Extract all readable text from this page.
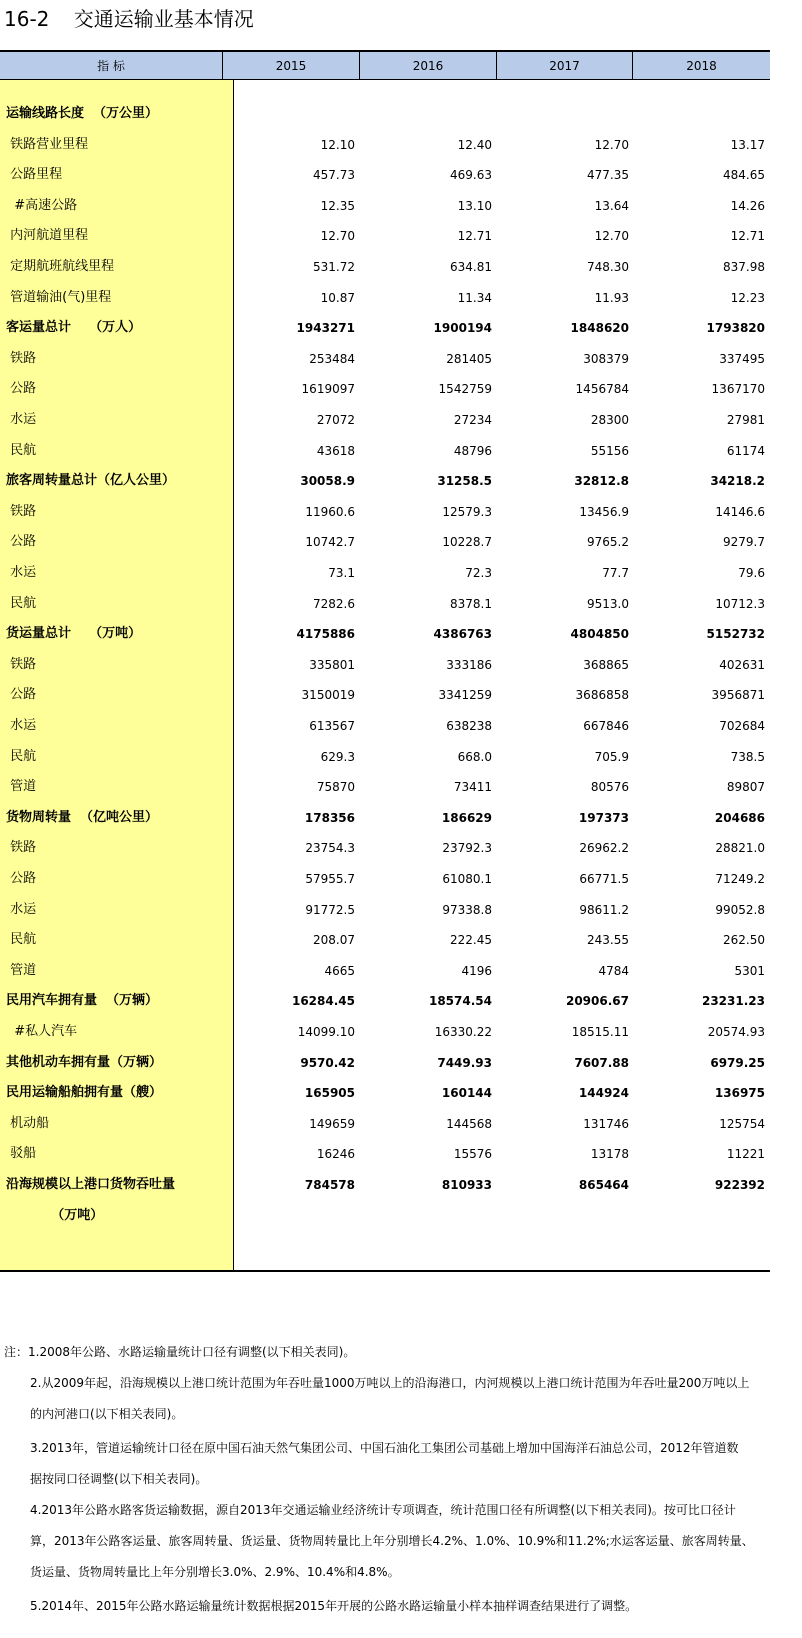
16-2 交通运输业基本情况
指 标	2015	2016	2017	2018
运输线路长度  （万公里）
铁路营业里程	12.10	12.40	12.70	13.17
公路里程	457.73	469.63	477.35	484.65
#高速公路	12.35	13.10	13.64	14.26
内河航道里程	12.70	12.71	12.70	12.71
定期航班航线里程	531.72	634.81	748.30	837.98
管道输油(气)里程	10.87	11.34	11.93	12.23
客运量总计    （万人）	1943271	1900194	1848620	1793820
铁路	253484	281405	308379	337495
公路	1619097	1542759	1456784	1367170
水运	27072	27234	28300	27981
民航	43618	48796	55156	61174
旅客周转量总计（亿人公里）	30058.9	31258.5	32812.8	34218.2
铁路	11960.6	12579.3	13456.9	14146.6
公路	10742.7	10228.7	9765.2	9279.7
水运	73.1	72.3	77.7	79.6
民航	7282.6	8378.1	9513.0	10712.3
货运量总计    （万吨）	4175886	4386763	4804850	5152732
铁路	335801	333186	368865	402631
公路	3150019	3341259	3686858	3956871
水运	613567	638238	667846	702684
民航	629.3	668.0	705.9	738.5
管道	75870	73411	80576	89807
货物周转量  （亿吨公里）	178356	186629	197373	204686
铁路	23754.3	23792.3	26962.2	28821.0
公路	57955.7	61080.1	66771.5	71249.2
水运	91772.5	97338.8	98611.2	99052.8
民航	208.07	222.45	243.55	262.50
管道	4665	4196	4784	5301
民用汽车拥有量  （万辆）	16284.45	18574.54	20906.67	23231.23
#私人汽车	14099.10	16330.22	18515.11	20574.93
其他机动车拥有量（万辆）	9570.42	7449.93	7607.88	6979.25
民用运输船舶拥有量（艘）	165905	160144	144924	136975
机动船	149659	144568	131746	125754
驳船	16246	15576	13178	11221
沿海规模以上港口货物吞吐量	784578	810933	865464	922392
（万吨）
注：1.2008年公路、水路运输量统计口径有调整(以下相关表同)。
2.从2009年起，沿海规模以上港口统计范围为年吞吐量1000万吨以上的沿海港口，内河规模以上港口统计范围为年吞吐量200万吨以上
的内河港口(以下相关表同)。
3.2013年，管道运输统计口径在原中国石油天然气集团公司、中国石油化工集团公司基础上增加中国海洋石油总公司，2012年管道数
据按同口径调整(以下相关表同)。
4.2013年公路水路客货运输数据，源自2013年交通运输业经济统计专项调查，统计范围口径有所调整(以下相关表同)。按可比口径计
算，2013年公路客运量、旅客周转量、货运量、货物周转量比上年分别增长4.2%、1.0%、10.9%和11.2%;水运客运量、旅客周转量、
货运量、货物周转量比上年分别增长3.0%、2.9%、10.4%和4.8%。
5.2014年、2015年公路水路运输量统计数据根据2015年开展的公路水路运输量小样本抽样调查结果进行了调整。
